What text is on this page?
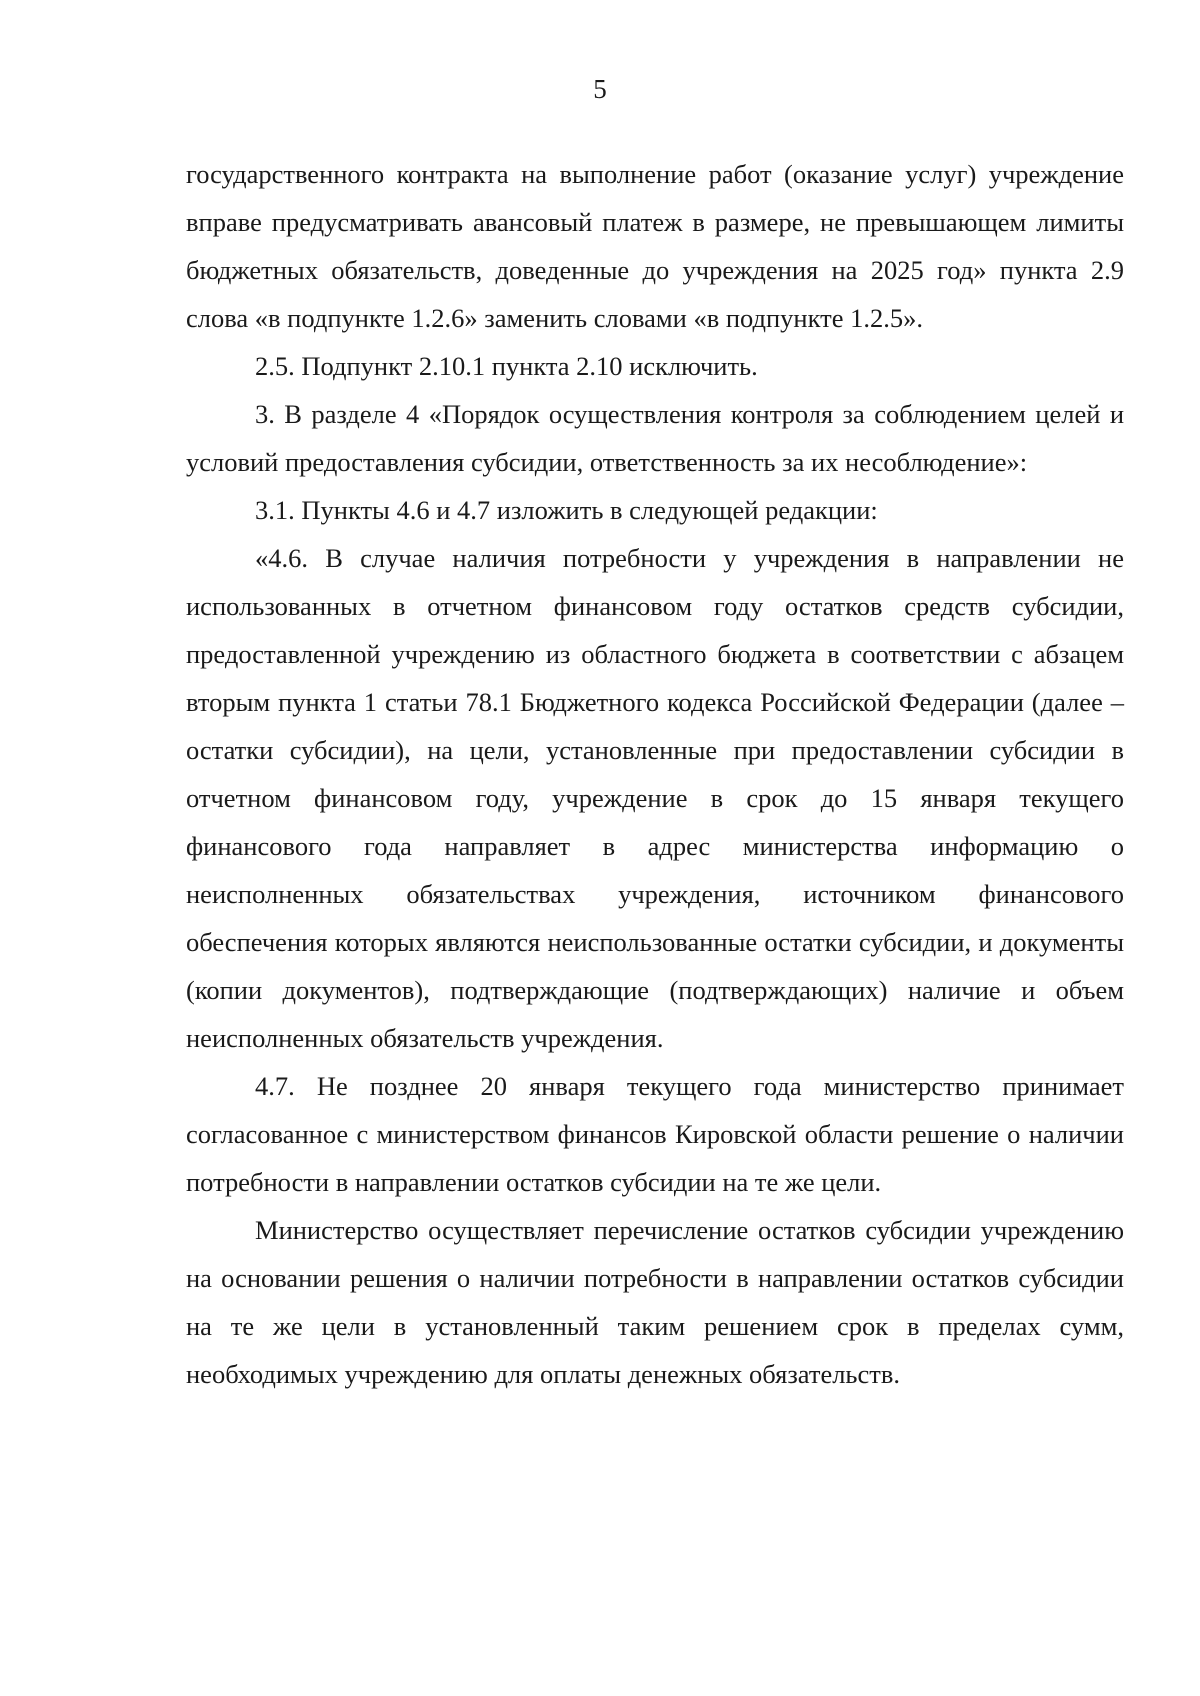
5

государственного контракта на выполнение работ (оказание услуг) учреждение вправе предусматривать авансовый платеж в размере, не превышающем лимиты бюджетных обязательств, доведенные до учреждения на 2025 год» пункта 2.9 слова «в подпункте 1.2.6» заменить словами «в подпункте 1.2.5».

2.5. Подпункт 2.10.1 пункта 2.10 исключить.

3. В разделе 4 «Порядок осуществления контроля за соблюдением целей и условий предоставления субсидии, ответственность за их несоблюдение»:

3.1. Пункты 4.6 и 4.7 изложить в следующей редакции:

«4.6. В случае наличия потребности у учреждения в направлении не использованных в отчетном финансовом году остатков средств субсидии, предоставленной учреждению из областного бюджета в соответствии с абзацем вторым пункта 1 статьи 78.1 Бюджетного кодекса Российской Федерации (далее – остатки субсидии), на цели, установленные при предоставлении субсидии в отчетном финансовом году, учреждение в срок до 15 января текущего финансового года направляет в адрес министерства информацию о неисполненных обязательствах учреждения, источником финансового обеспечения которых являются неиспользованные остатки субсидии, и документы (копии документов), подтверждающие (подтверждающих) наличие и объем неисполненных обязательств учреждения.

4.7. Не позднее 20 января текущего года министерство принимает согласованное с министерством финансов Кировской области решение о наличии потребности в направлении остатков субсидии на те же цели.

Министерство осуществляет перечисление остатков субсидии учреждению на основании решения о наличии потребности в направлении остатков субсидии на те же цели в установленный таким решением срок в пределах сумм, необходимых учреждению для оплаты денежных обязательств.
